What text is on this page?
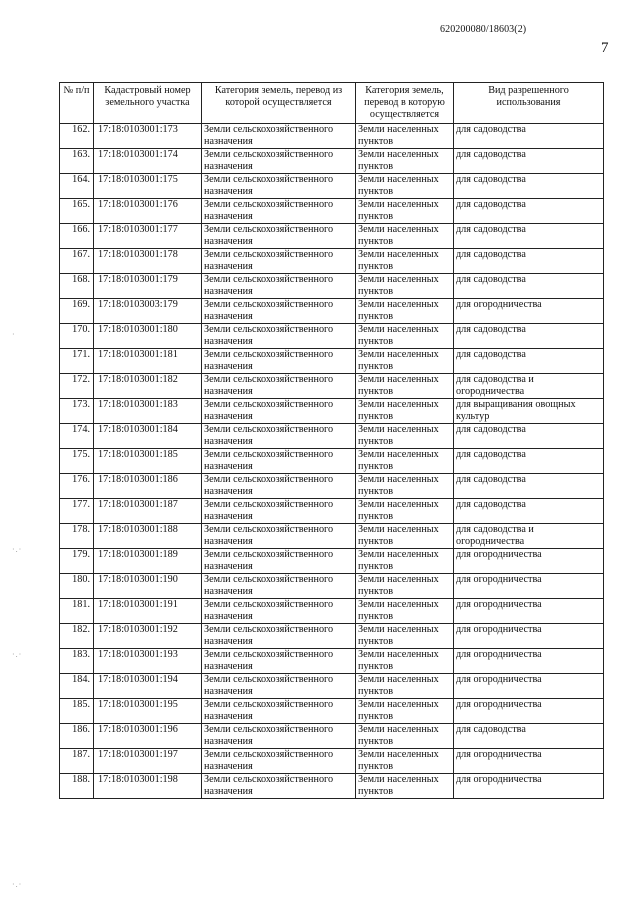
620200080/18603(2)
7
№ п/п	Кадастровый номер земельного участка	Категория земель, перевод из которой осуществляется	Категория земель, перевод в которую осуществляется	Вид разрешенного использования
162.	17:18:0103001:173	Земли сельскохозяйственного назначения	Земли населенных пунктов	для садоводства
163.	17:18:0103001:174	Земли сельскохозяйственного назначения	Земли населенных пунктов	для садоводства
164.	17:18:0103001:175	Земли сельскохозяйственного назначения	Земли населенных пунктов	для садоводства
165.	17:18:0103001:176	Земли сельскохозяйственного назначения	Земли населенных пунктов	для садоводства
166.	17:18:0103001:177	Земли сельскохозяйственного назначения	Земли населенных пунктов	для садоводства
167.	17:18:0103001:178	Земли сельскохозяйственного назначения	Земли населенных пунктов	для садоводства
168.	17:18:0103001:179	Земли сельскохозяйственного назначения	Земли населенных пунктов	для садоводства
169.	17:18:0103003:179	Земли сельскохозяйственного назначения	Земли населенных пунктов	для огородничества
170.	17:18:0103001:180	Земли сельскохозяйственного назначения	Земли населенных пунктов	для садоводства
171.	17:18:0103001:181	Земли сельскохозяйственного назначения	Земли населенных пунктов	для садоводства
172.	17:18:0103001:182	Земли сельскохозяйственного назначения	Земли населенных пунктов	для садоводства и огородничества
173.	17:18:0103001:183	Земли сельскохозяйственного назначения	Земли населенных пунктов	для выращивания овощных культур
174.	17:18:0103001:184	Земли сельскохозяйственного назначения	Земли населенных пунктов	для садоводства
175.	17:18:0103001:185	Земли сельскохозяйственного назначения	Земли населенных пунктов	для садоводства
176.	17:18:0103001:186	Земли сельскохозяйственного назначения	Земли населенных пунктов	для садоводства
177.	17:18:0103001:187	Земли сельскохозяйственного назначения	Земли населенных пунктов	для садоводства
178.	17:18:0103001:188	Земли сельскохозяйственного назначения	Земли населенных пунктов	для садоводства и огородничества
179.	17:18:0103001:189	Земли сельскохозяйственного назначения	Земли населенных пунктов	для огородничества
180.	17:18:0103001:190	Земли сельскохозяйственного назначения	Земли населенных пунктов	для огородничества
181.	17:18:0103001:191	Земли сельскохозяйственного назначения	Земли населенных пунктов	для огородничества
182.	17:18:0103001:192	Земли сельскохозяйственного назначения	Земли населенных пунктов	для огородничества
183.	17:18:0103001:193	Земли сельскохозяйственного назначения	Земли населенных пунктов	для огородничества
184.	17:18:0103001:194	Земли сельскохозяйственного назначения	Земли населенных пунктов	для огородничества
185.	17:18:0103001:195	Земли сельскохозяйственного назначения	Земли населенных пунктов	для огородничества
186.	17:18:0103001:196	Земли сельскохозяйственного назначения	Земли населенных пунктов	для садоводства
187.	17:18:0103001:197	Земли сельскохозяйственного назначения	Земли населенных пунктов	для огородничества
188.	17:18:0103001:198	Земли сельскохозяйственного назначения	Земли населенных пунктов	для огородничества
·
·.·
·.·
·.·
